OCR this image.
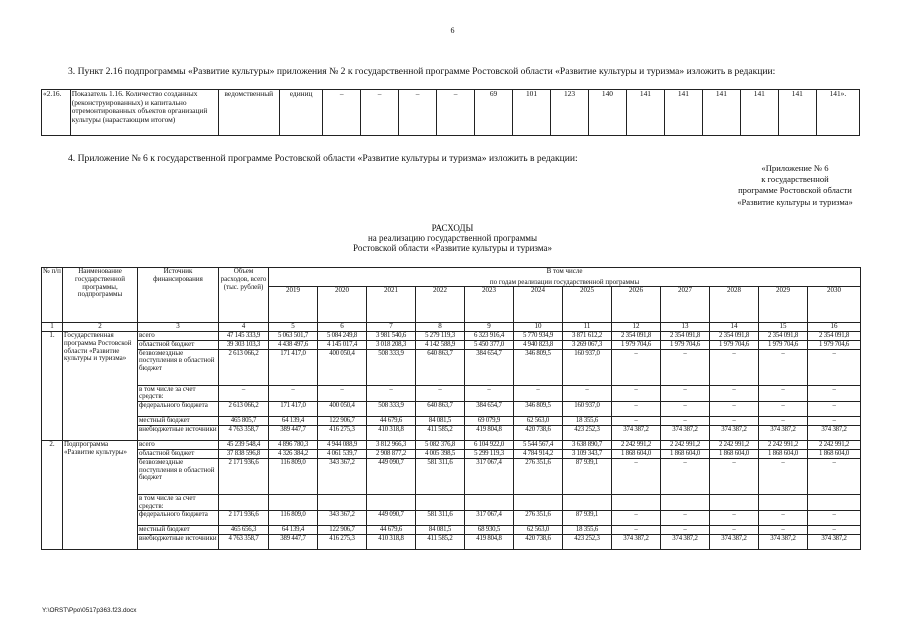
6
3. Пункт 2.16 подпрограммы «Развитие культуры» приложения № 2 к государственной программе Ростовской области «Развитие культуры и туризма» изложить в редакции:
«2.16.	Показатель 1.16. Количество созданных (реконструированных) и капитально отремонтированных объектов организаций культуры (нарастающим итогом)	ведомственный	единиц	–	–	–	–	69	101	123	140	141	141	141	141	141	141».
4. Приложение № 6 к государственной программе Ростовской области «Развитие культуры и туризма» изложить в редакции:
«Приложение № 6
к государственной
программе Ростовской области
«Развитие культуры и туризма»
РАСХОДЫ
на реализацию государственной программы
Ростовской области «Развитие культуры и туризма»
№ п/п	Наименование государственной программы, подпрограммы	Источник финансирования	Объем расходов, всего (тыс. рублей)	В том числе											
				по годам реализации государственной программы											
				2019	2020	2021	2022	2023	2024	2025	2026	2027	2028	2029	2030
1	2	3	4	5	6	7	8	9	10	11	12	13	14	15	16
1.	Государственная программа Ростовской области «Развитие культуры и туризма»	всего	47 145 333,9	5 063 501,7	5 084 249,8	3 981 540,6	5 279 119,3	6 323 916,4	5 770 934,9	3 871 612,2	2 354 091,8	2 354 091,8	2 354 091,8	2 354 091,8	2 354 091,8
		областной бюджет	39 303 103,3	4 438 497,6	4 145 017,4	3 018 208,3	4 142 588,9	5 450 377,0	4 940 823,8	3 269 067,3	1 979 704,6	1 979 704,6	1 979 704,6	1 979 704,6	1 979 704,6
		безвозмездные поступления в областной бюджет	2 613 066,2	171 417,0	400 050,4	508 333,9	640 863,7	384 654,7	346 809,5	160 937,0	–	–	–	–	–
		в том числе за счет средств:	–	–	–	–	–	–	–	–	–	–	–	–	–
		федерального бюджета	2 613 066,2	171 417,0	400 050,4	508 333,9	640 863,7	384 654,7	346 809,5	160 937,0	–	–	–	–	–
		местный бюджет	465 805,7	64 139,4	122 906,7	44 679,6	84 081,5	69 079,9	62 563,0	18 355,6	–	–	–	–	–
		внебюджетные источники	4 763 358,7	389 447,7	416 275,3	410 318,8	411 585,2	419 804,8	420 738,6	423 252,3	374 387,2	374 387,2	374 387,2	374 387,2	374 387,2
2.	Подпрограмма «Развитие культуры»	всего	45 239 548,4	4 896 780,3	4 944 088,9	3 812 966,3	5 082 376,8	6 104 922,0	5 544 567,4	3 638 890,7	2 242 991,2	2 242 991,2	2 242 991,2	2 242 991,2	2 242 991,2
		областной бюджет	37 838 596,8	4 326 384,2	4 061 539,7	2 908 877,2	4 005 398,5	5 299 119,3	4 784 914,2	3 109 343,7	1 868 604,0	1 868 604,0	1 868 604,0	1 868 604,0	1 868 604,0
		безвозмездные поступления в областной бюджет	2 171 936,6	116 809,0	343 367,2	449 090,7	581 311,6	317 067,4	276 351,6	87 939,1	–	–	–	–	–
		в том числе за счет средств:													
		федерального бюджета	2 171 936,6	116 809,0	343 367,2	449 090,7	581 311,6	317 067,4	276 351,6	87 939,1	–	–	–	–	–
		местный бюджет	465 656,3	64 139,4	122 906,7	44 679,6	84 081,5	68 930,5	62 563,0	18 355,6	–	–	–	–	–
		внебюджетные источники	4 763 358,7	389 447,7	416 275,3	410 318,8	411 585,2	419 804,8	420 738,6	423 252,3	374 387,2	374 387,2	374 387,2	374 387,2	374 387,2
Y:\ORST\Ppo\0517p363.f23.docx
